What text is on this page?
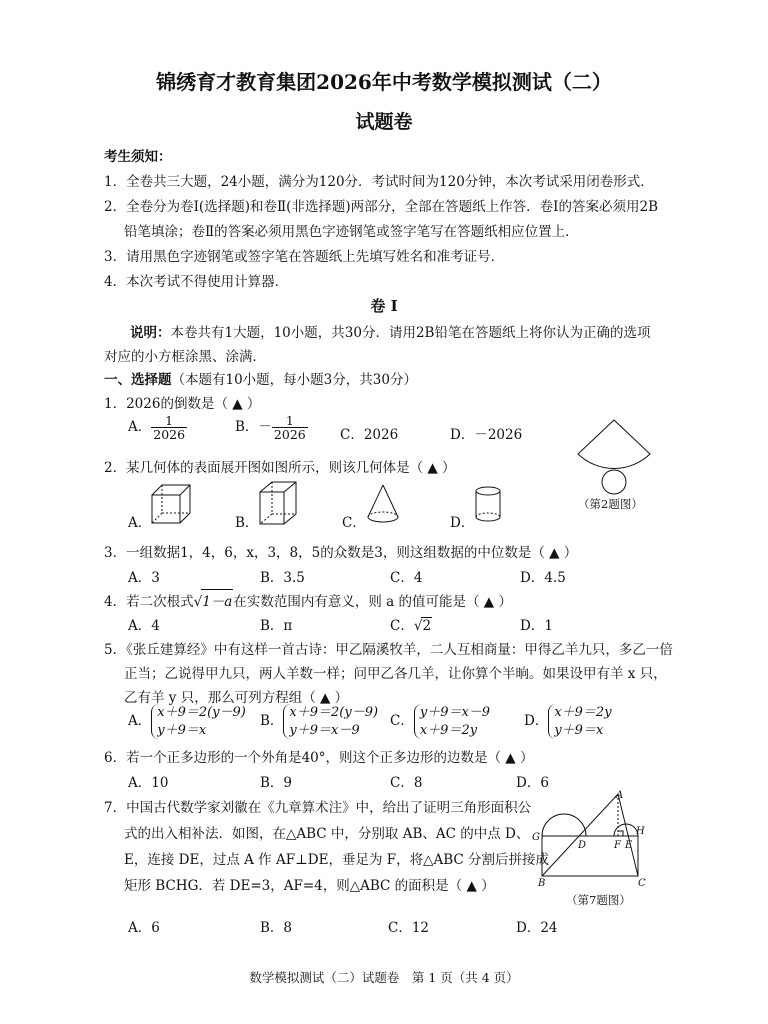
锦绣育才教育集团2026年中考数学模拟测试（二）
试题卷
考生须知：
1．全卷共三大题，24小题，满分为120分．考试时间为120分钟，本次考试采用闭卷形式．
2．全卷分为卷Ⅰ(选择题)和卷Ⅱ(非选择题)两部分，全部在答题纸上作答．卷Ⅰ的答案必须用2B
铅笔填涂；卷Ⅱ的答案必须用黑色字迹钢笔或签字笔写在答题纸相应位置上．
3．请用黑色字迹钢笔或签字笔在答题纸上先填写姓名和准考证号．
4．本次考试不得使用计算器．
卷 Ⅰ
说明：本卷共有1大题，10小题，共30分．请用2B铅笔在答题纸上将你认为正确的选项
对应的小方框涂黑、涂满．
一、选择题（本题有10小题，每小题3分，共30分）
1．2026的倒数是（ ▲ ）
A． $\frac{1}{2026}$	B．－ $\frac{1}{2026}$ C．2026	D．－2026
2．某几何体的表面展开图如图所示，则该几何体是（ ▲ ）
A．	B．	C．	D．
（第2题图）
3．一组数据1，4，6，x，3，8，5的众数是3，则这组数据的中位数是（ ▲ ）
A．3	B．3.5	C．4	D．4.5
4．若二次根式√1－a在实数范围内有意义，则 a 的值可能是（ ▲ ）
A．4	B．π	C．√2	D．1
5．《张丘建算经》中有这样一首古诗：甲乙隔溪牧羊，二人互相商量：甲得乙羊九只，多乙一倍
正当；乙说得甲九只，两人羊数一样；问甲乙各几羊，让你算个半晌。如果设甲有羊 x 只，
乙有羊 y 只，那么可列方程组（ ▲ ）
A．x＋9＝2(y－9)
y＋9＝x
B．x＋9＝2(y－9)
y＋9＝x－9
C．y＋9＝x－9
x＋9＝2y
D．x＋9＝2y
y＋9＝x
6．若一个正多边形的一个外角是40°，则这个正多边形的边数是（ ▲ ）
A．10	B．9	C．8	D．6
7．中国古代数学家刘徽在《九章算术注》中，给出了证明三角形面积公
式的出入相补法．如图，在△ABC 中，分别取 AB、AC 的中点 D、
E，连接 DE，过点 A 作 AF⊥DE，垂足为 F，将△ABC 分割后拼接成
矩形 BCHG．若 DE=3，AF=4，则△ABC 的面积是（ ▲ ）
A．6	B．8	C．12	D．24
A
B	C
D	E
F
G
H
（第7题图）
数学模拟测试（二）试题卷　第 1 页（共 4 页）
